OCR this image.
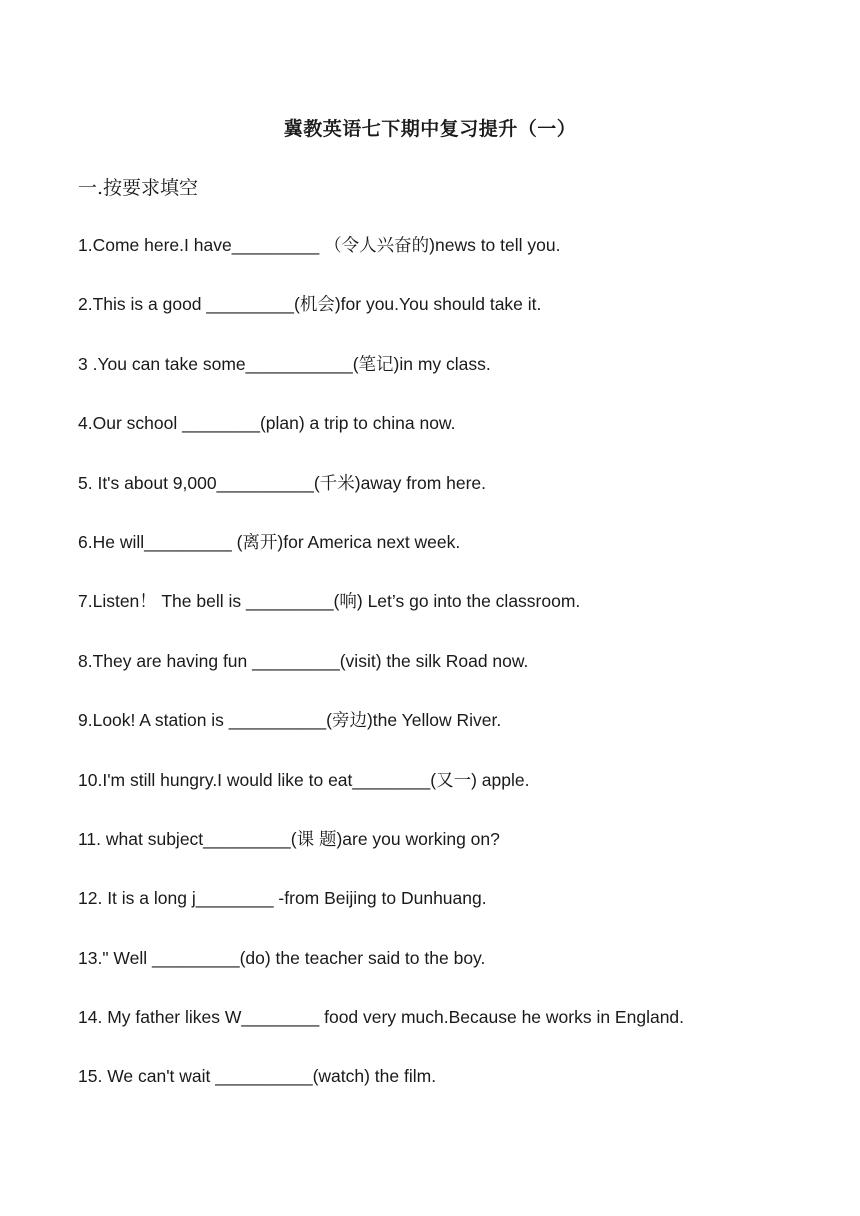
冀教英语七下期中复习提升（一）
一.按要求填空
1.Come here.I have_________ （令人兴奋的)news to tell you.
2.This is a good _________(机会)for you.You should take it.
3 .You can take some___________(笔记)in my class.
4.Our school ________(plan) a trip to china now.
5. It's about 9,000__________(千米)away from here.
6.He will_________ (离开)for America next week.
7.Listen！ The bell is _________(响) Let’s go into the classroom.
8.They are having fun _________(visit) the silk Road now.
9.Look! A station is __________(旁边)the Yellow River.
10.I'm still hungry.I would like to eat________(又一) apple.
11. what subject_________(课 题)are you working on?
12. It is a long j________ -from Beijing to Dunhuang.
13." Well _________(do) the teacher said to the boy.
14. My father likes W________ food very much.Because he works in England.
15. We can't wait __________(watch) the film.
